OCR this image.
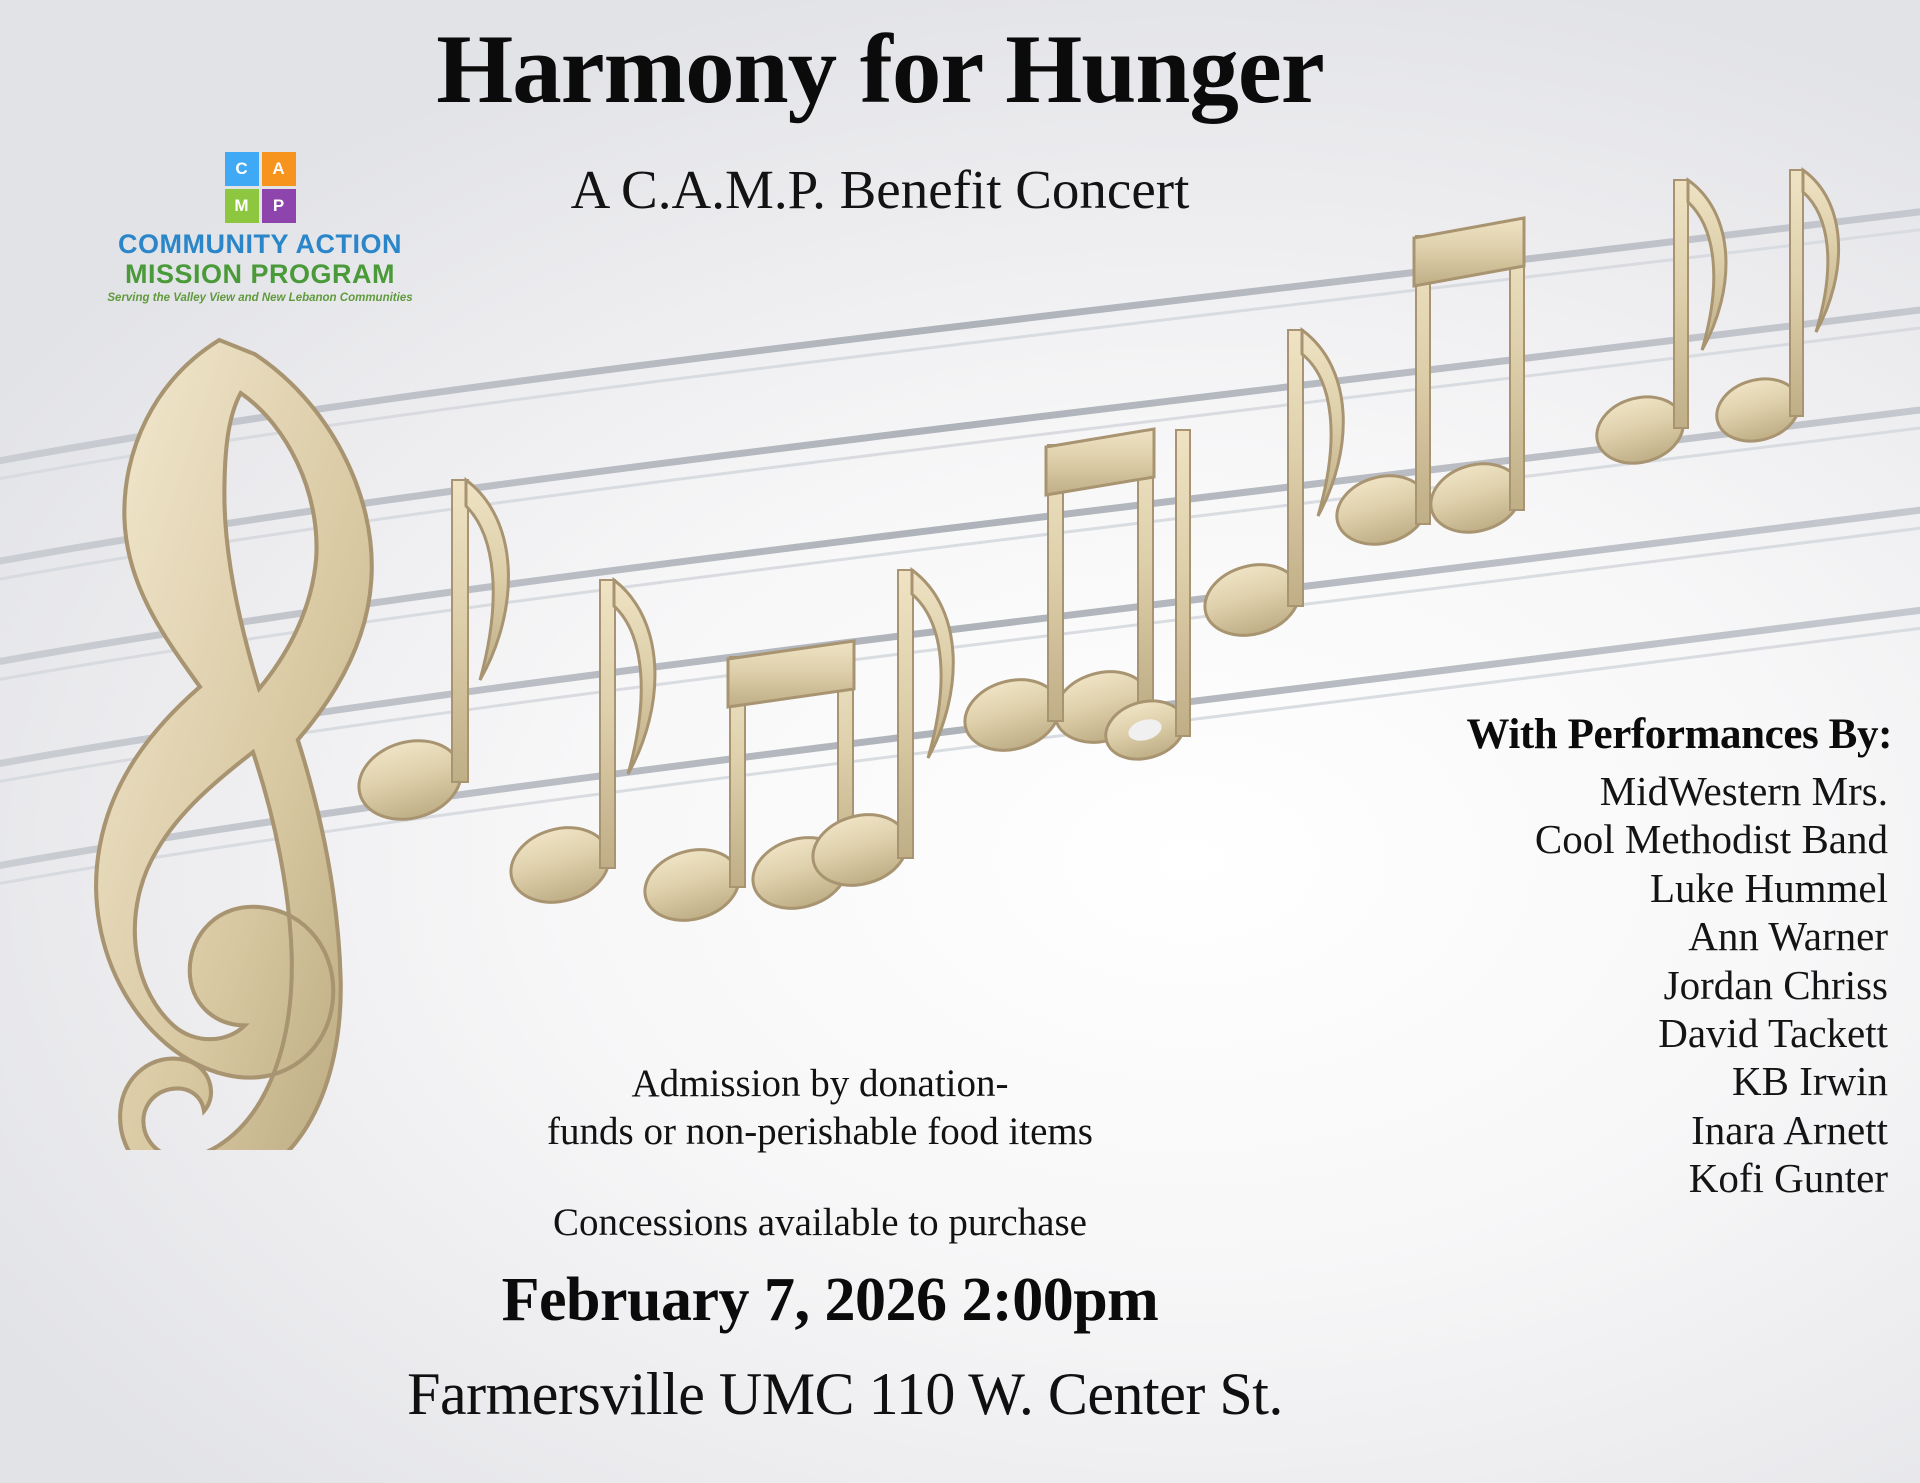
Harmony for Hunger
A C.A.M.P. Benefit Concert
C	A
M	P
COMMUNITY ACTION
MISSION PROGRAM
Serving the Valley View and New Lebanon Communities
With Performances By:
MidWestern Mrs.
Cool Methodist Band
Luke Hummel
Ann Warner
Jordan Chriss
David Tackett
KB Irwin
Inara Arnett
Kofi Gunter
Admission by donation-
funds or non-perishable food items
Concessions available to purchase
February 7, 2026 2:00pm
Farmersville UMC 110 W. Center St.
